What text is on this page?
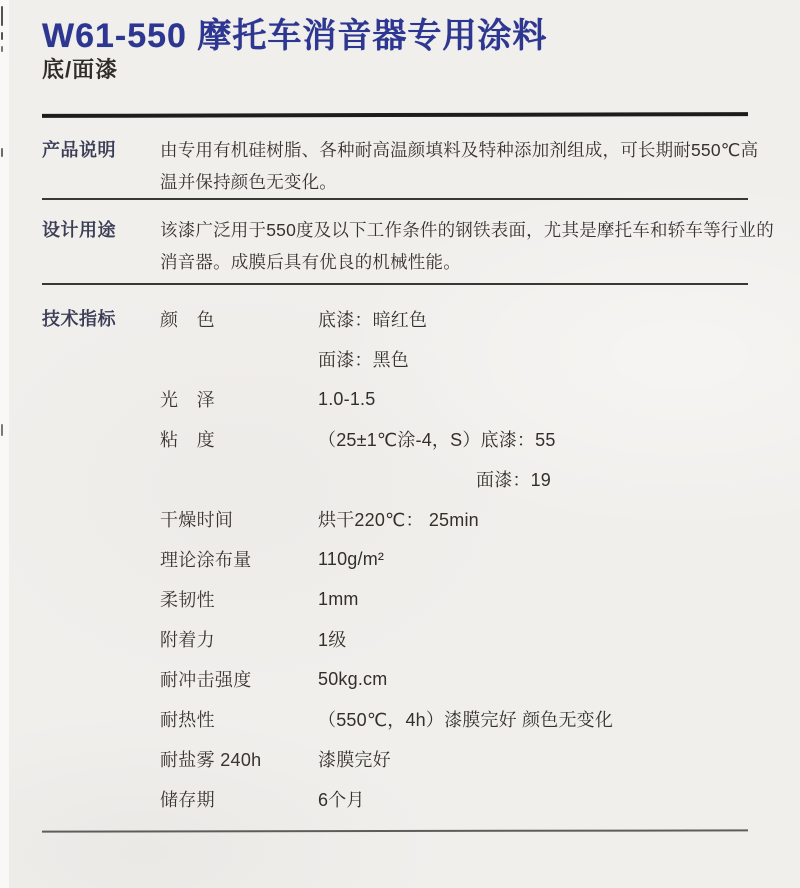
W61-550 摩托车消音器专用涂料
底/面漆
产品说明	由专用有机硅树脂、各种耐高温颜填料及特种添加剂组成，可长期耐550℃高
温并保持颜色无变化。
设计用途	该漆广泛用于550度及以下工作条件的钢铁表面，尤其是摩托车和轿车等行业的
消音器。成膜后具有优良的机械性能。
技术指标	颜　色	底漆：暗红色
面漆：黑色
光　泽	1.0-1.5
粘　度	（25±1℃涂-4，S）底漆：55
面漆：19
干燥时间	烘干220℃： 25min
理论涂布量	110g/m²
柔韧性	1mm
附着力	1级
耐冲击强度	50kg.cm
耐热性	（550℃，4h）漆膜完好 颜色无变化
耐盐雾 240h	漆膜完好
储存期	6个月
